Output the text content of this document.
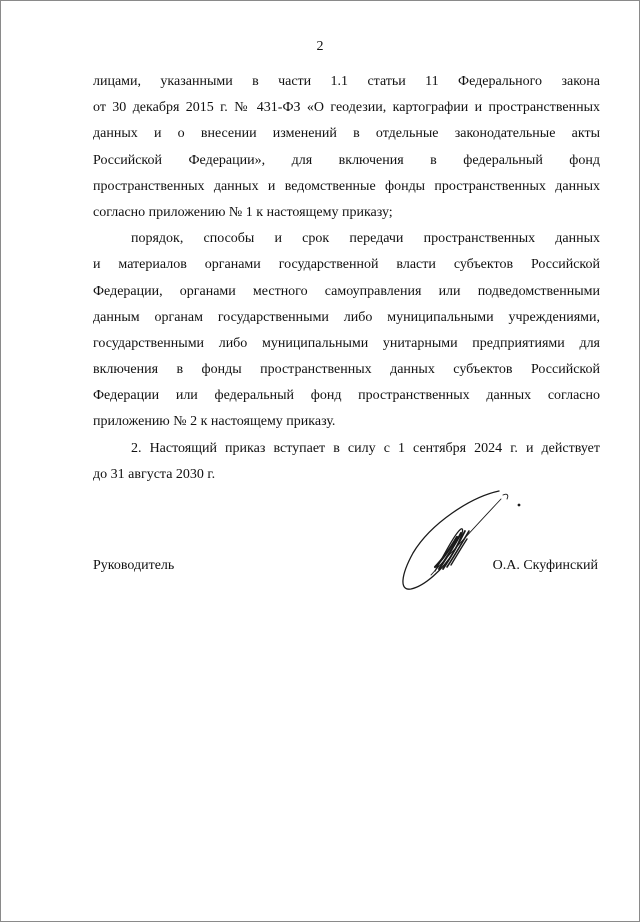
2
лицами, указанными в части 1.1 статьи 11 Федерального закона
от 30 декабря 2015 г. № 431-ФЗ «О геодезии, картографии и пространственных
данных и о внесении изменений в отдельные законодательные акты
Российской Федерации», для включения в федеральный фонд
пространственных данных и ведомственные фонды пространственных данных
согласно приложению № 1 к настоящему приказу;
порядок, способы и срок передачи пространственных данных
и материалов органами государственной власти субъектов Российской
Федерации, органами местного самоуправления или подведомственными
данным органам государственными либо муниципальными учреждениями,
государственными либо муниципальными унитарными предприятиями для
включения в фонды пространственных данных субъектов Российской
Федерации или федеральный фонд пространственных данных согласно
приложению № 2 к настоящему приказу.
2. Настоящий приказ вступает в силу с 1 сентября 2024 г. и действует
до 31 августа 2030 г.
Руководитель	О.А. Скуфинский
